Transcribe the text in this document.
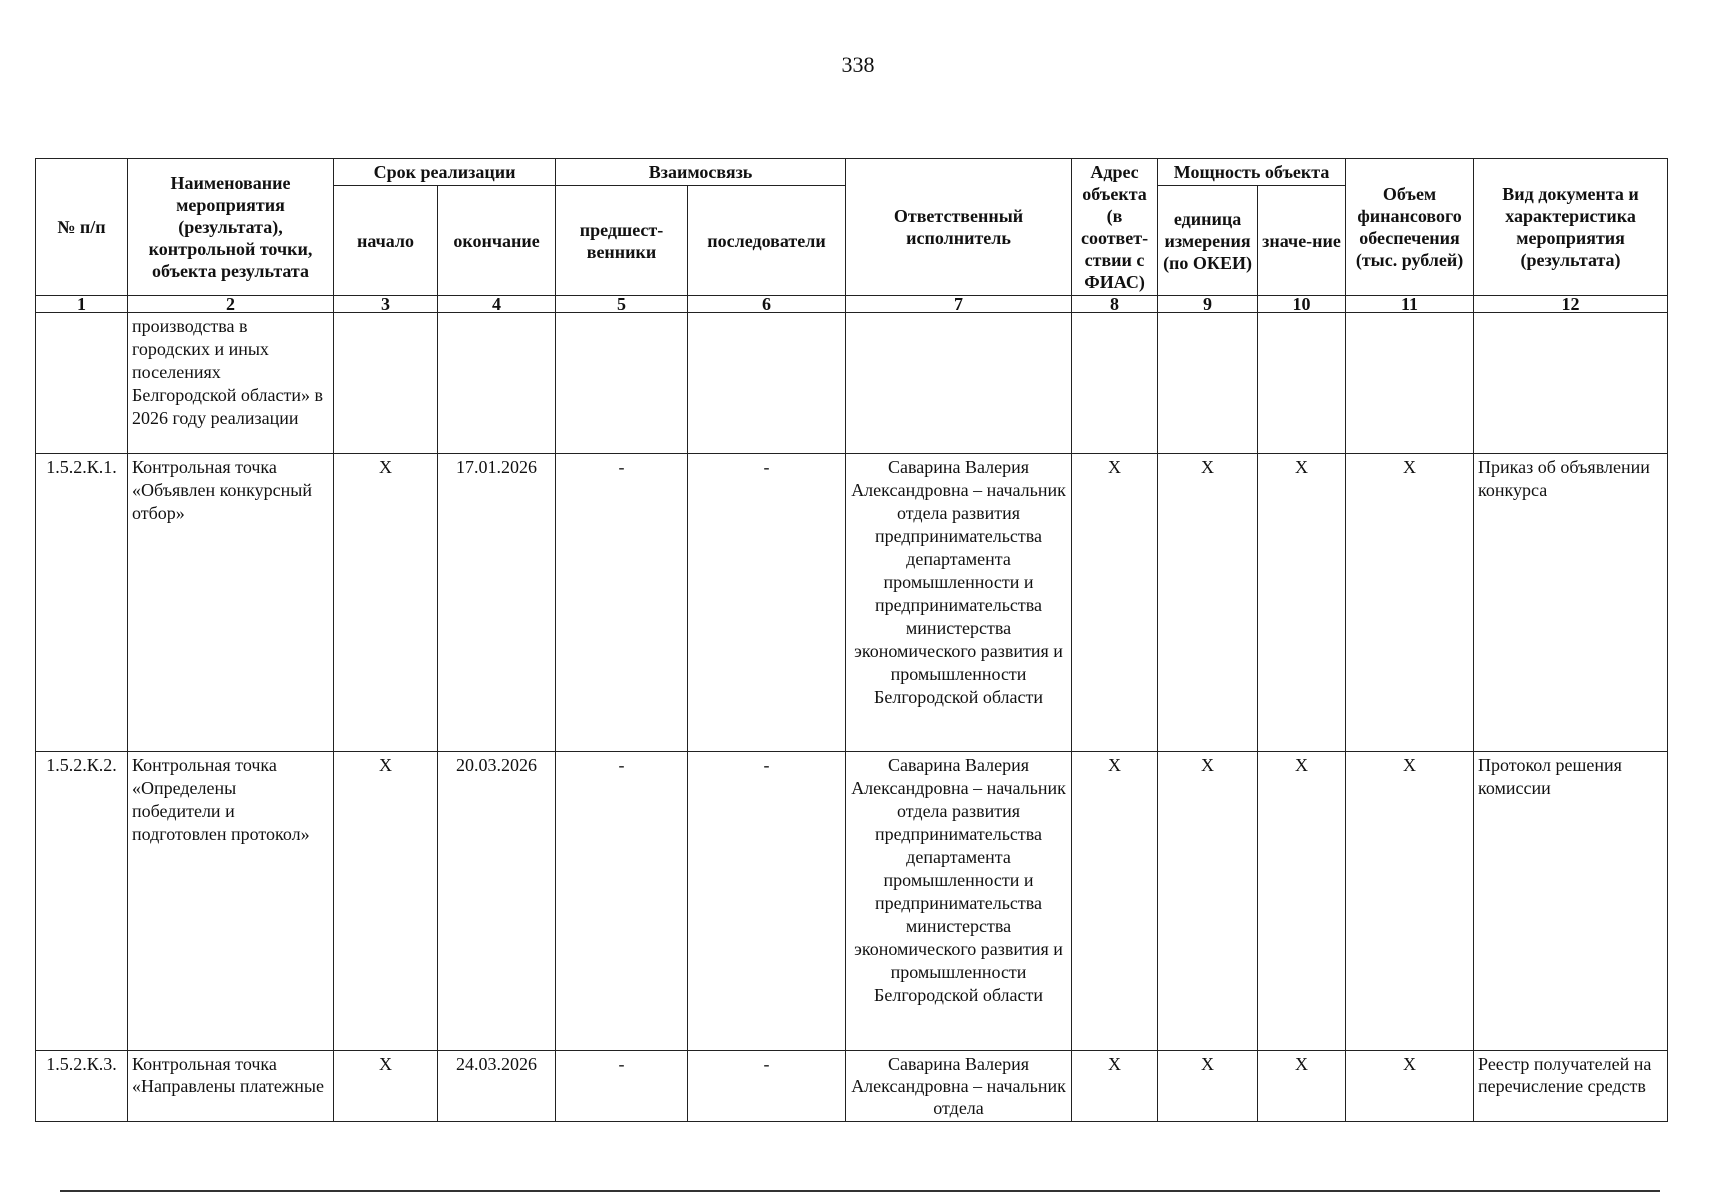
338
№ п/п	Наименование мероприятия (результата), контрольной точки, объекта результата	Срок реализации		Взаимосвязь		Ответственный исполнитель	Адрес объекта (в соответ-ствии с ФИАС)	Мощность объекта		Объем финансового обеспечения (тыс. рублей)	Вид документа и характеристика мероприятия (результата)
		начало	окончание	предшест-венники	последователи			единица измерения (по ОКЕИ)	значе-ние		
1	2	3	4	5	6	7	8	9	10	11	12
	производства в городских и иных поселениях Белгородской области» в 2026 году реализации										
1.5.2.К.1.	Контрольная точка «Объявлен конкурсный отбор»	X	17.01.2026	-	-	Саварина Валерия Александровна – начальник отдела развития предпринимательства департамента промышленности и предпринимательства министерства экономического развития и промышленности Белгородской области	X	X	X	X	Приказ об объявлении конкурса
1.5.2.К.2.	Контрольная точка «Определены победители и подготовлен протокол»	X	20.03.2026	-	-	Саварина Валерия Александровна – начальник отдела развития предпринимательства департамента промышленности и предпринимательства министерства экономического развития и промышленности Белгородской области	X	X	X	X	Протокол решения комиссии
1.5.2.К.3.	Контрольная точка «Направлены платежные	X	24.03.2026	-	-	Саварина Валерия Александровна – начальник отдела	X	X	X	X	Реестр получателей на перечисление средств
